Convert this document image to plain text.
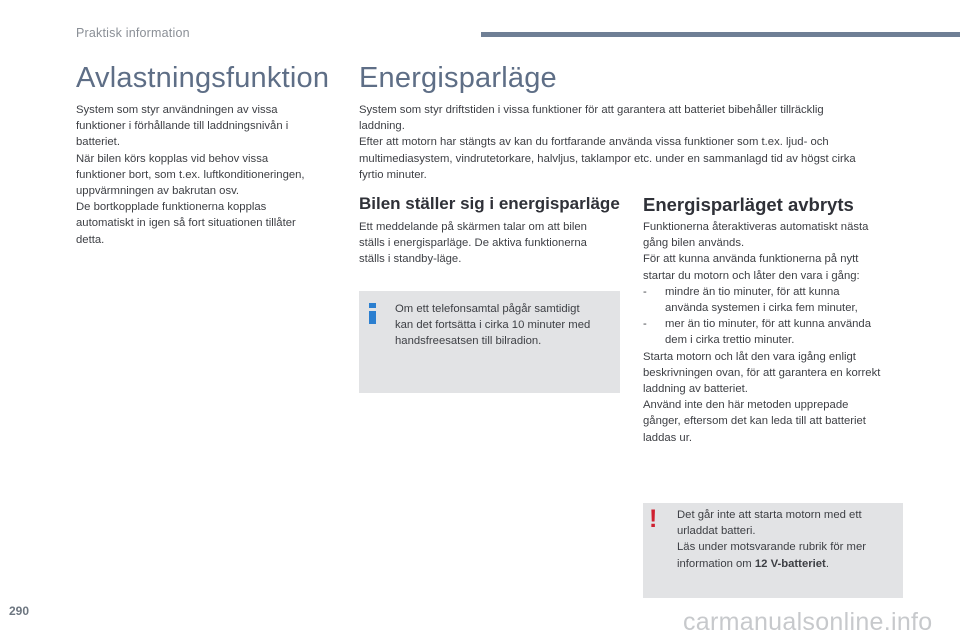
Praktisk information
Avlastningsfunktion

System som styr användningen av vissa

funktioner i förhållande till laddningsnivån i

batteriet.

När bilen körs kopplas vid behov vissa

funktioner bort, som t.ex. luftkonditioneringen,

uppvärmningen av bakrutan osv.

De bortkopplade funktionerna kopplas

automatiskt in igen så fort situationen tillåter

detta.

Energisparläge

System som styr driftstiden i vissa funktioner för att garantera att batteriet bibehåller tillräcklig

laddning.

Efter att motorn har stängts av kan du fortfarande använda vissa funktioner som t.ex. ljud- och

multimediasystem, vindrutetorkare, halvljus, taklampor etc. under en sammanlagd tid av högst cirka

fyrtio minuter.

Bilen ställer sig i energisparläge

Ett meddelande på skärmen talar om att bilen

ställs i energisparläge. De aktiva funktionerna

ställs i standby-läge.

Om ett telefonsamtal pågår samtidigt

kan det fortsätta i cirka 10 minuter med

handsfreesatsen till bilradion.

Energisparläget avbryts

Funktionerna återaktiveras automatiskt nästa

gång bilen används.

För att kunna använda funktionerna på nytt

startar du motorn och låter den vara i gång:

- mindre än tio minuter, för att kunna

använda systemen i cirka fem minuter,

- mer än tio minuter, för att kunna använda

dem i cirka trettio minuter.

Starta motorn och låt den vara igång enligt

beskrivningen ovan, för att garantera en korrekt

laddning av batteriet.

Använd inte den här metoden upprepade

gånger, eftersom det kan leda till att batteriet

laddas ur.

! Det går inte att starta motorn med ett

urladdat batteri.

Läs under motsvarande rubrik för mer

information om 12 V-batteriet.

290	carmanualsonline.info
